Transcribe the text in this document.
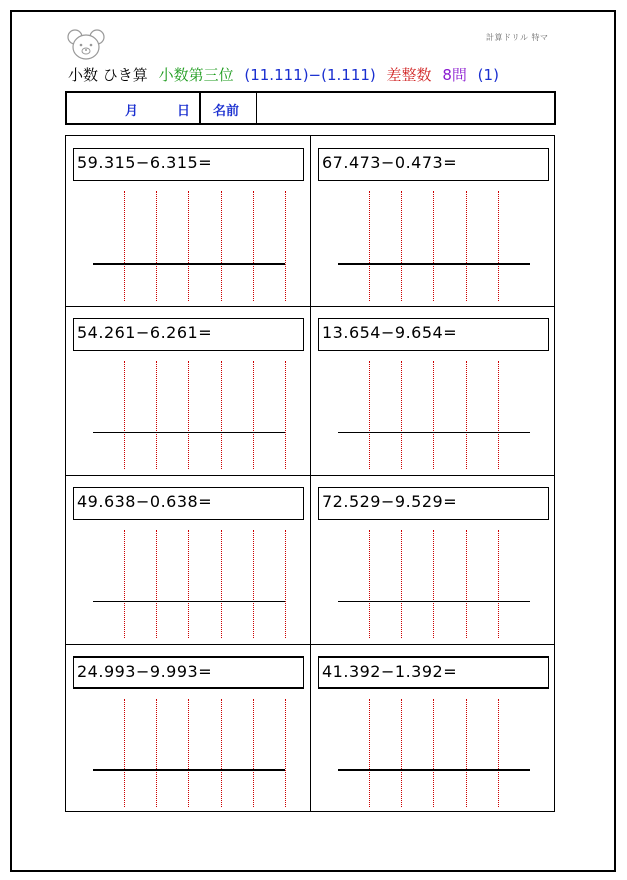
計算ドリル 特マ
小数 ひき算 小数第三位 (11.111)−(1.111) 差整数 8問 (1)
月	日	名前
59.315−6.315=	67.473−0.473=
54.261−6.261=	13.654−9.654=
49.638−0.638=	72.529−9.529=
24.993−9.993=	41.392−1.392=
